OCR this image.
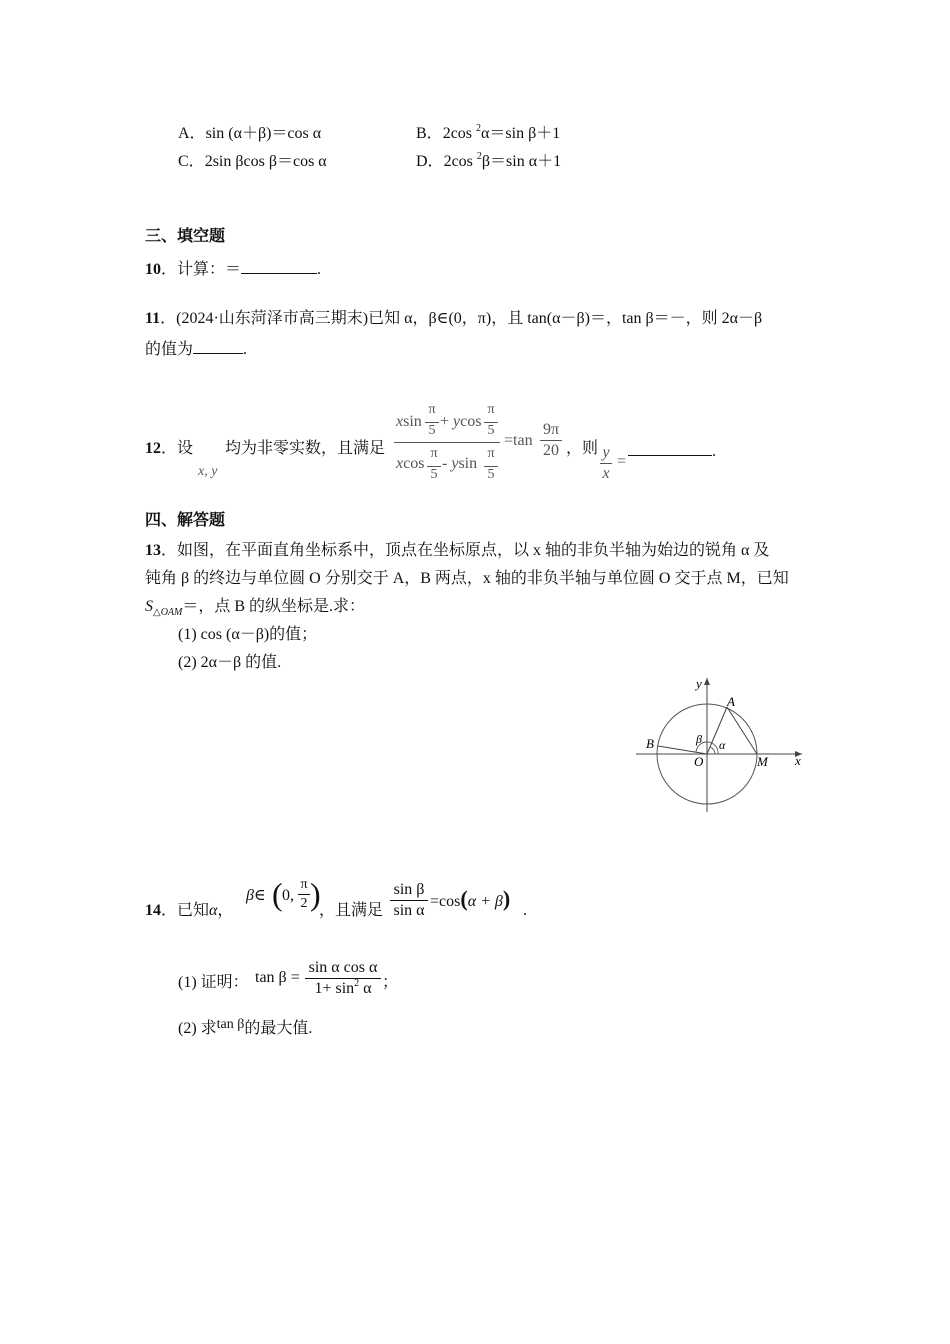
A．sin (α＋β)＝cos α	B．2cos $^2$α＝sin β＋1
C．2sin βcos β＝cos α	D．2cos $^2$β＝sin α＋1
三、填空题
10．计算：＝	.
11．(2024·山东菏泽市高三期末)已知 α，β∈(0，π)，且 tan(α－β)＝，tan β＝－，则 2α－β
的值为	.
12．设
x, y
均为非零实数，且满足
xsin
π
5
+ ycos
π
5
xcos
π
5
- ysin
π
5
=tan
9π
20 ，则 y
x
=
.
四、解答题
13．如图，在平面直角坐标系中，顶点在坐标原点，以 x 轴的非负半轴为始边的锐角 α 及
钝角 β 的终边与单位圆 O 分别交于 A，B 两点，x 轴的非负半轴与单位圆 O 交于点 M，已知
$S_{\triangle OAM}=$，点 B 的纵坐标是.求：
(1) cos (α－β)的值；
(2) 2α－β 的值.
y
x
A
B
O	M
α
β
14．已知α，
β∈ ( 0,
π
2 )
，且满足
sin β
sin α
=cos(α + β) .
(1) 证明： tan β =
sin α cos α
$1+ \sin^2 \alpha$ ；
(2) 求tan β的最大值.
